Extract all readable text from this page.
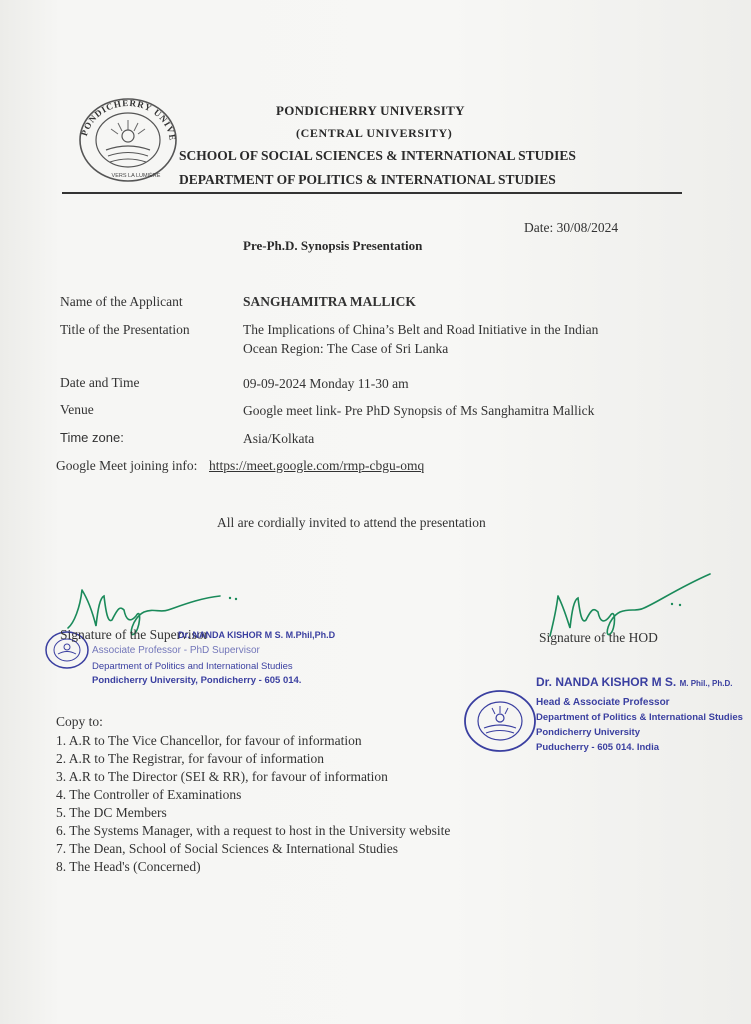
PONDICHERRY UNIVERSITY
VERS LA LUMIÈRE
PONDICHERRY UNIVERSITY
(CENTRAL UNIVERSITY)
SCHOOL OF SOCIAL SCIENCES & INTERNATIONAL STUDIES
DEPARTMENT OF POLITICS & INTERNATIONAL STUDIES
Date: 30/08/2024
Pre-Ph.D. Synopsis Presentation
Name of the Applicant	SANGHAMITRA MALLICK
Title of the Presentation	The Implications of China’s Belt and Road Initiative in the Indian
Ocean Region: The Case of Sri Lanka
Date and Time	09-09-2024 Monday 11-30 am
Venue	Google meet link- Pre PhD Synopsis of Ms Sanghamitra Mallick
Time zone:	Asia/Kolkata
Google Meet joining info: https://meet.google.com/rmp-cbgu-omq
All are cordially invited to attend the presentation
Signature of the Supervisor
Dr. NANDA KISHOR M S. M.Phil,Ph.D
Associate Professor - PhD Supervisor
Department of Politics and International Studies
Pondicherry University, Pondicherry - 605 014.
Signature of the HOD
Dr. NANDA KISHOR M S. M. Phil., Ph.D.
Head & Associate Professor
Department of Politics & International Studies
Pondicherry University
Puducherry - 605 014. India
Copy to:
1. A.R to The Vice Chancellor, for favour of information
2. A.R to The Registrar, for favour of information
3. A.R to The Director (SEI & RR), for favour of information
4. The Controller of Examinations
5. The DC Members
6. The Systems Manager, with a request to host in the University website
7. The Dean, School of Social Sciences & International Studies
8. The Head's (Concerned)
